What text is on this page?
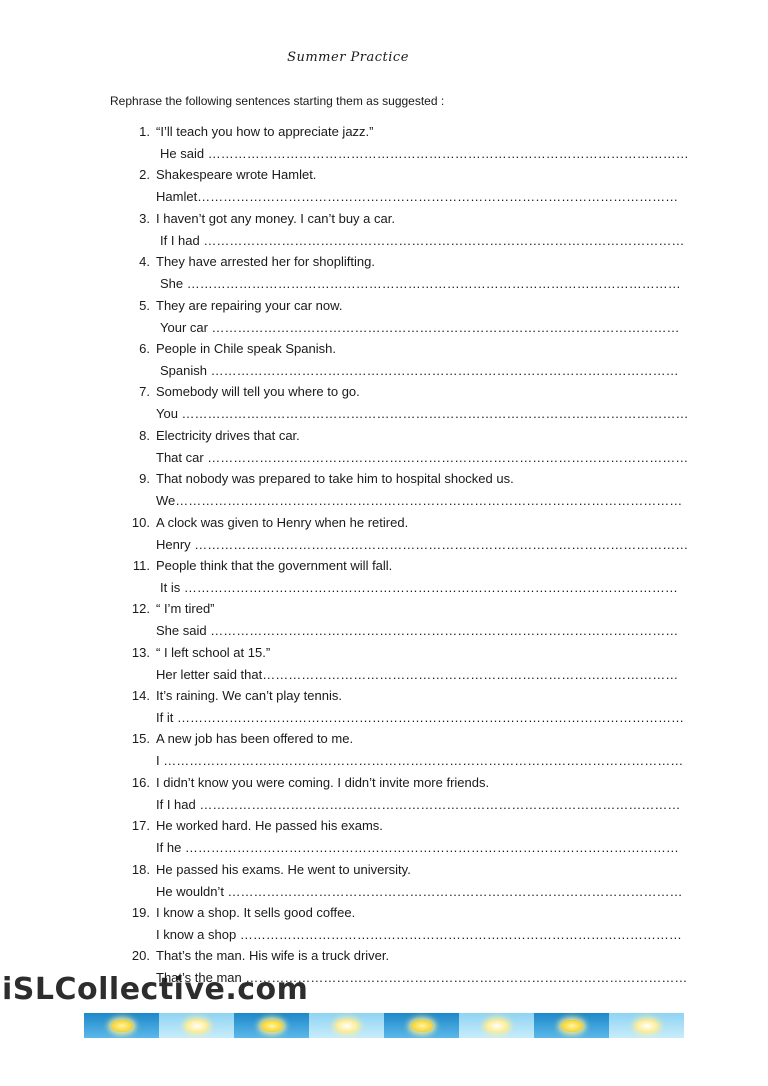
Summer Practice
Rephrase the following sentences starting them as suggested :
1. “I’ll teach you how to appreciate jazz.”
He said …………………………………………………………………………………………………
2. Shakespeare wrote Hamlet.
Hamlet…………………………………………………………………………………………………
3. I haven’t got any money. I can’t buy a car.
If I had …………………………………………………………………………………………………
4. They have arrested her for shoplifting.
She ……………………………………………………………………………………………………
5. They are repairing your car now.
Your car ………………………………………………………………………………………………
6. People in Chile speak Spanish.
Spanish ………………………………………………………………………………………………
7. Somebody will tell you where to go.
You ………………………………………………………………………………………………………
8. Electricity drives that car.
That car …………………………………………………………………………………………………
9. That nobody was prepared to take him to hospital shocked us.
We………………………………………………………………………………………………………
10. A clock was given to Henry when he retired.
Henry ……………………………………………………………………………………………………
11. People think that the government will fall.
It is ……………………………………………………………………………………………………
12. “ I’m tired”
She said ………………………………………………………………………………………………
13. “ I left school at 15.”
Her letter said that……………………………………………………………………………………
14. It’s raining. We can’t play tennis.
If it ………………………………………………………………………………………………………
15. A new job has been offered to me.
I …………………………………………………………………………………………………………
16. I didn’t know you were coming. I didn’t invite more friends.
If I had …………………………………………………………………………………………………
17. He worked hard. He passed his exams.
If he ……………………………………………………………………………………………………
18. He passed his exams. He went to university.
He wouldn’t ……………………………………………………………………………………………
19. I know a shop. It sells good coffee.
I know a shop …………………………………………………………………………………………
20. That’s the man. His wife is a truck driver.
That’s the man …………………………………………………………………………………………
iSLCollective.com
